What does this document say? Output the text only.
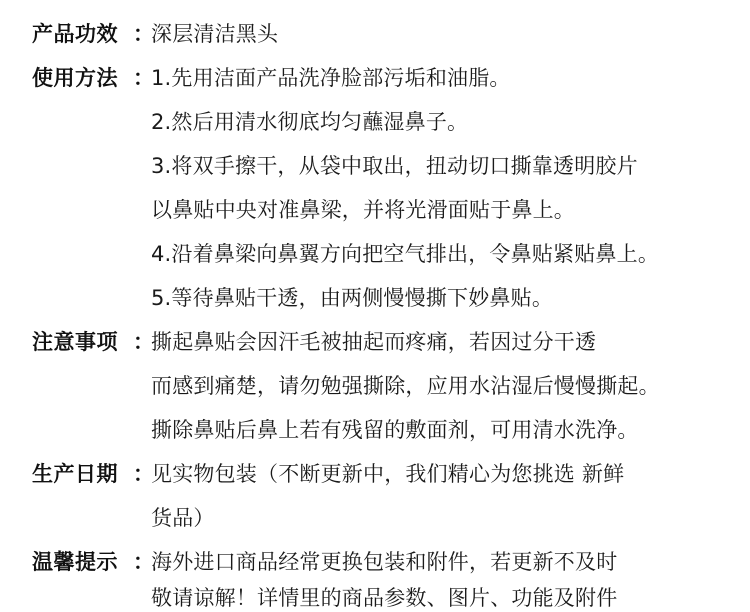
产品功效 ：
深层清洁黑头
使用方法 ：
1.先用洁面产品洗净脸部污垢和油脂。
2.然后用清水彻底均匀蘸湿鼻子。
3.将双手擦干，从袋中取出，扭动切口撕靠透明胶片
以鼻贴中央对准鼻梁，并将光滑面贴于鼻上。
4.沿着鼻梁向鼻翼方向把空气排出，令鼻贴紧贴鼻上。
5.等待鼻贴干透，由两侧慢慢撕下妙鼻贴。
注意事项 ：
撕起鼻贴会因汗毛被抽起而疼痛，若因过分干透
而感到痛楚，请勿勉强撕除，应用水沾湿后慢慢撕起。
撕除鼻贴后鼻上若有残留的敷面剂，可用清水洗净。
生产日期 ：
见实物包装（不断更新中，我们精心为您挑选 新鲜
货品）
温馨提示 ：
海外进口商品经常更换包装和附件，若更新不及时
敬请谅解！详情里的商品参数、图片、功能及附件
